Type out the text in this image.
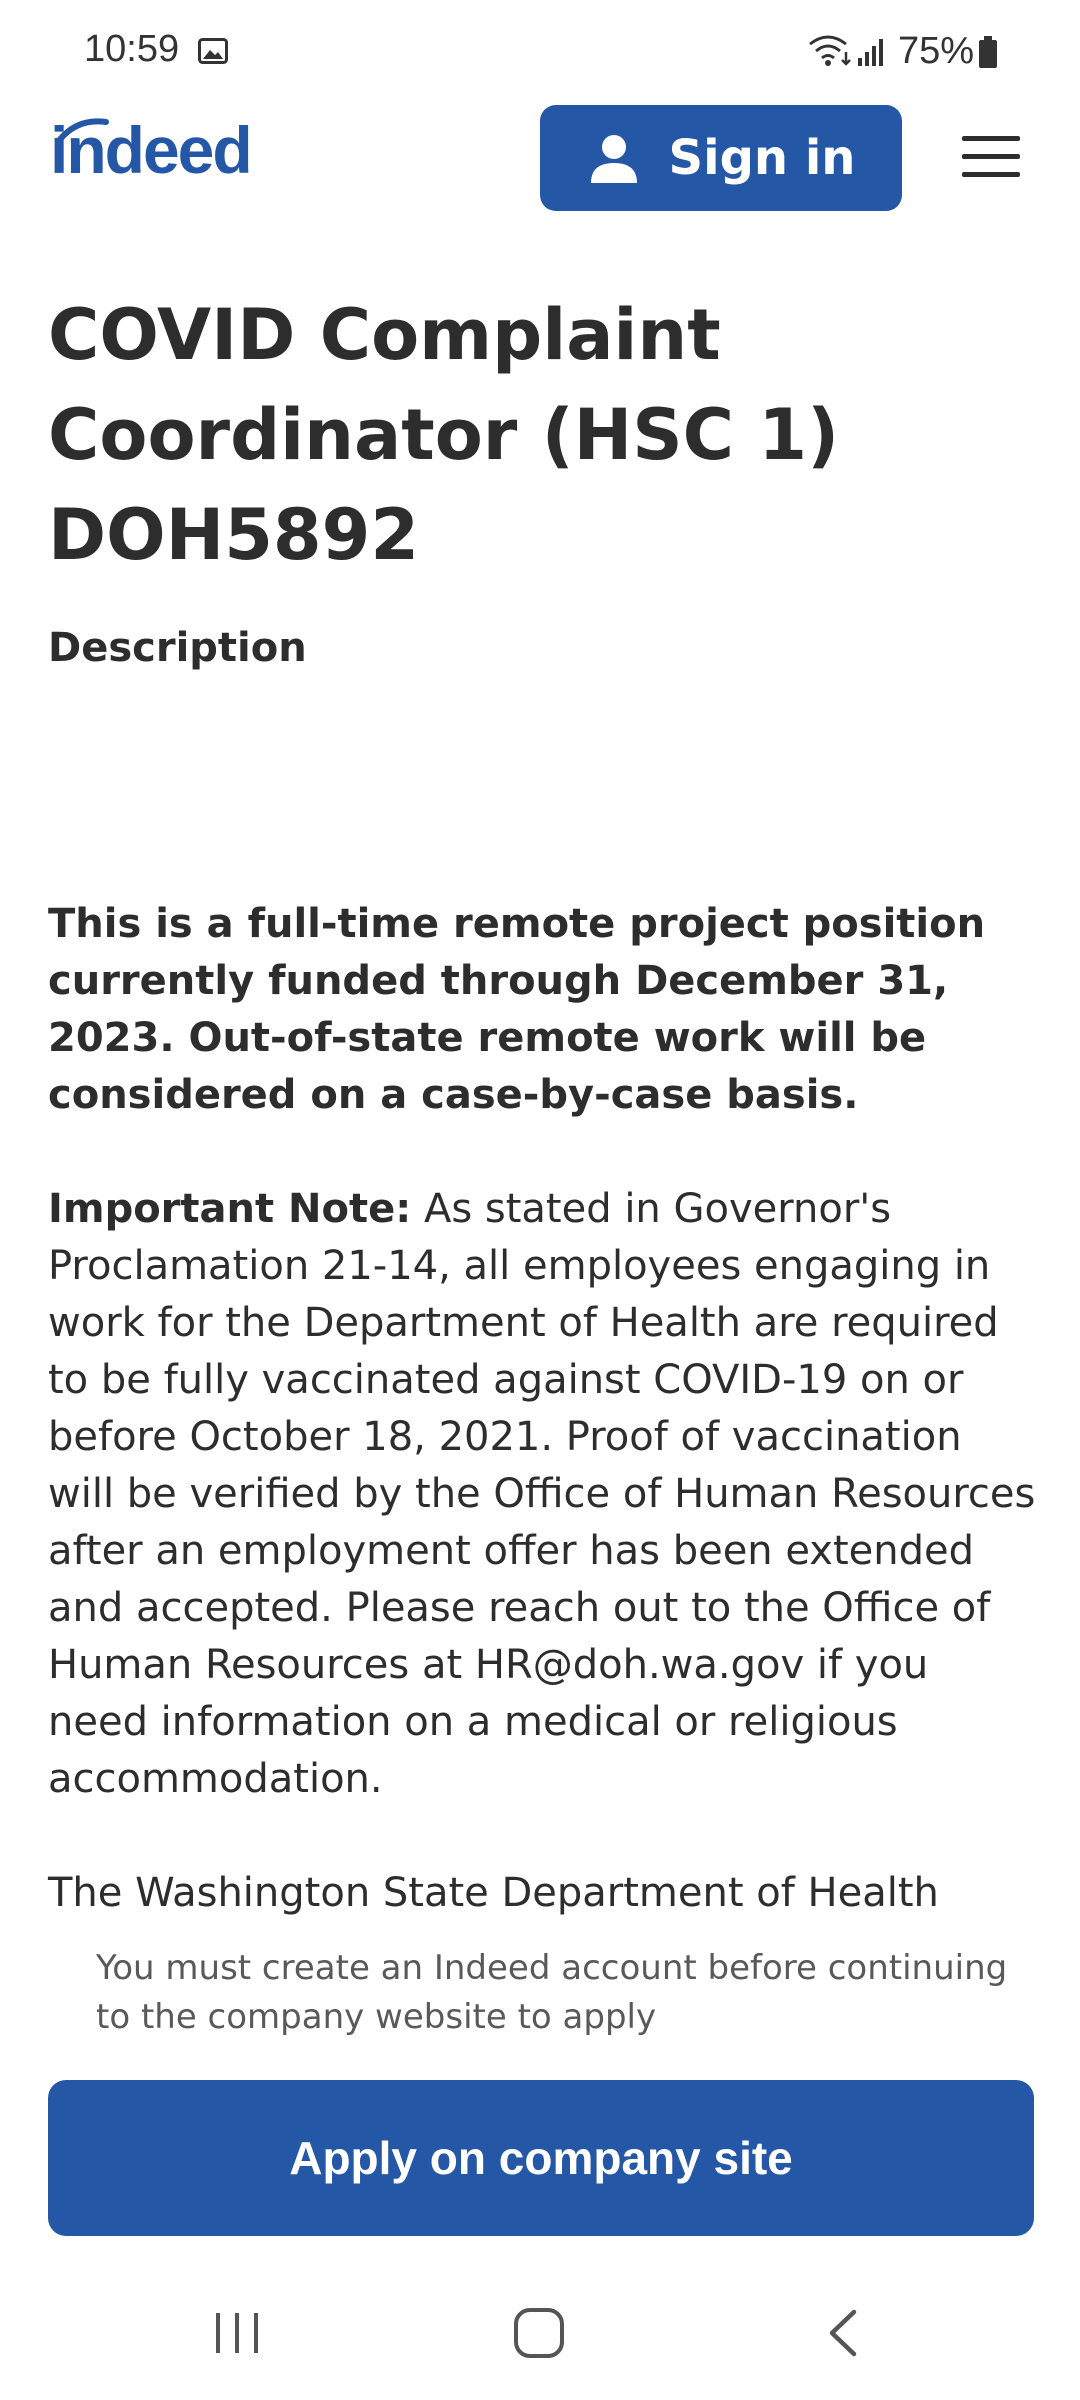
10:59	75%
indeed	Sign in
COVID Complaint Coordinator (HSC 1) DOH5892
Description

This is a full-time remote project position currently funded through December 31, 2023. Out-of-state remote work will be considered on a case-by-case basis.

Important Note: As stated in Governor's Proclamation 21-14, all employees engaging in work for the Department of Health are required to be fully vaccinated against COVID-19 on or before October 18, 2021. Proof of vaccination will be verified by the Office of Human Resources after an employment offer has been extended and accepted. Please reach out to the Office of Human Resources at HR@doh.wa.gov if you need information on a medical or religious accommodation.

The Washington State Department of Health

You must create an Indeed account before continuing to the company website to apply
Apply on company site
